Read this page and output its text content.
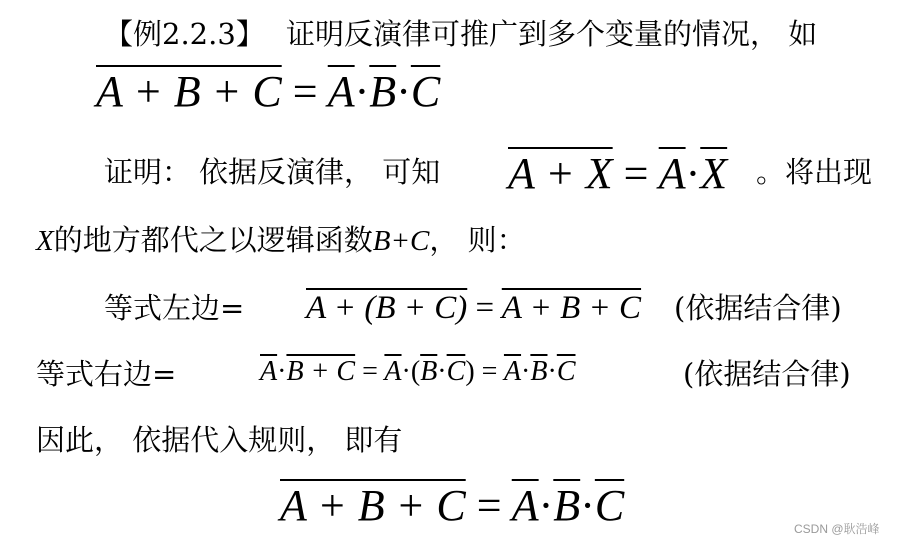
【例2.2.3】 证明反演律可推广到多个变量的情况， 如
$A + B + C = \overline{A}\cdot\overline{B}\cdot\overline{C}$
证明： 依据反演律， 可知 $A + X = \overline{A}\cdot\overline{X}$ 。将出现
X的地方都代之以逻辑函数B+C， 则：
等式左边= A + (B + C) = A + B + C (依据结合律)
等式右边=	$\overline{A}\cdot B + C = \overline{A}\cdot(\overline{B}\cdot\overline{C}) = \overline{A}\cdot\overline{B}\cdot\overline{C}$	(依据结合律)
因此， 依据代入规则， 即有
$A + B + C = \overline{A}\cdot\overline{B}\cdot\overline{C}$	CSDN @耿浩峰
